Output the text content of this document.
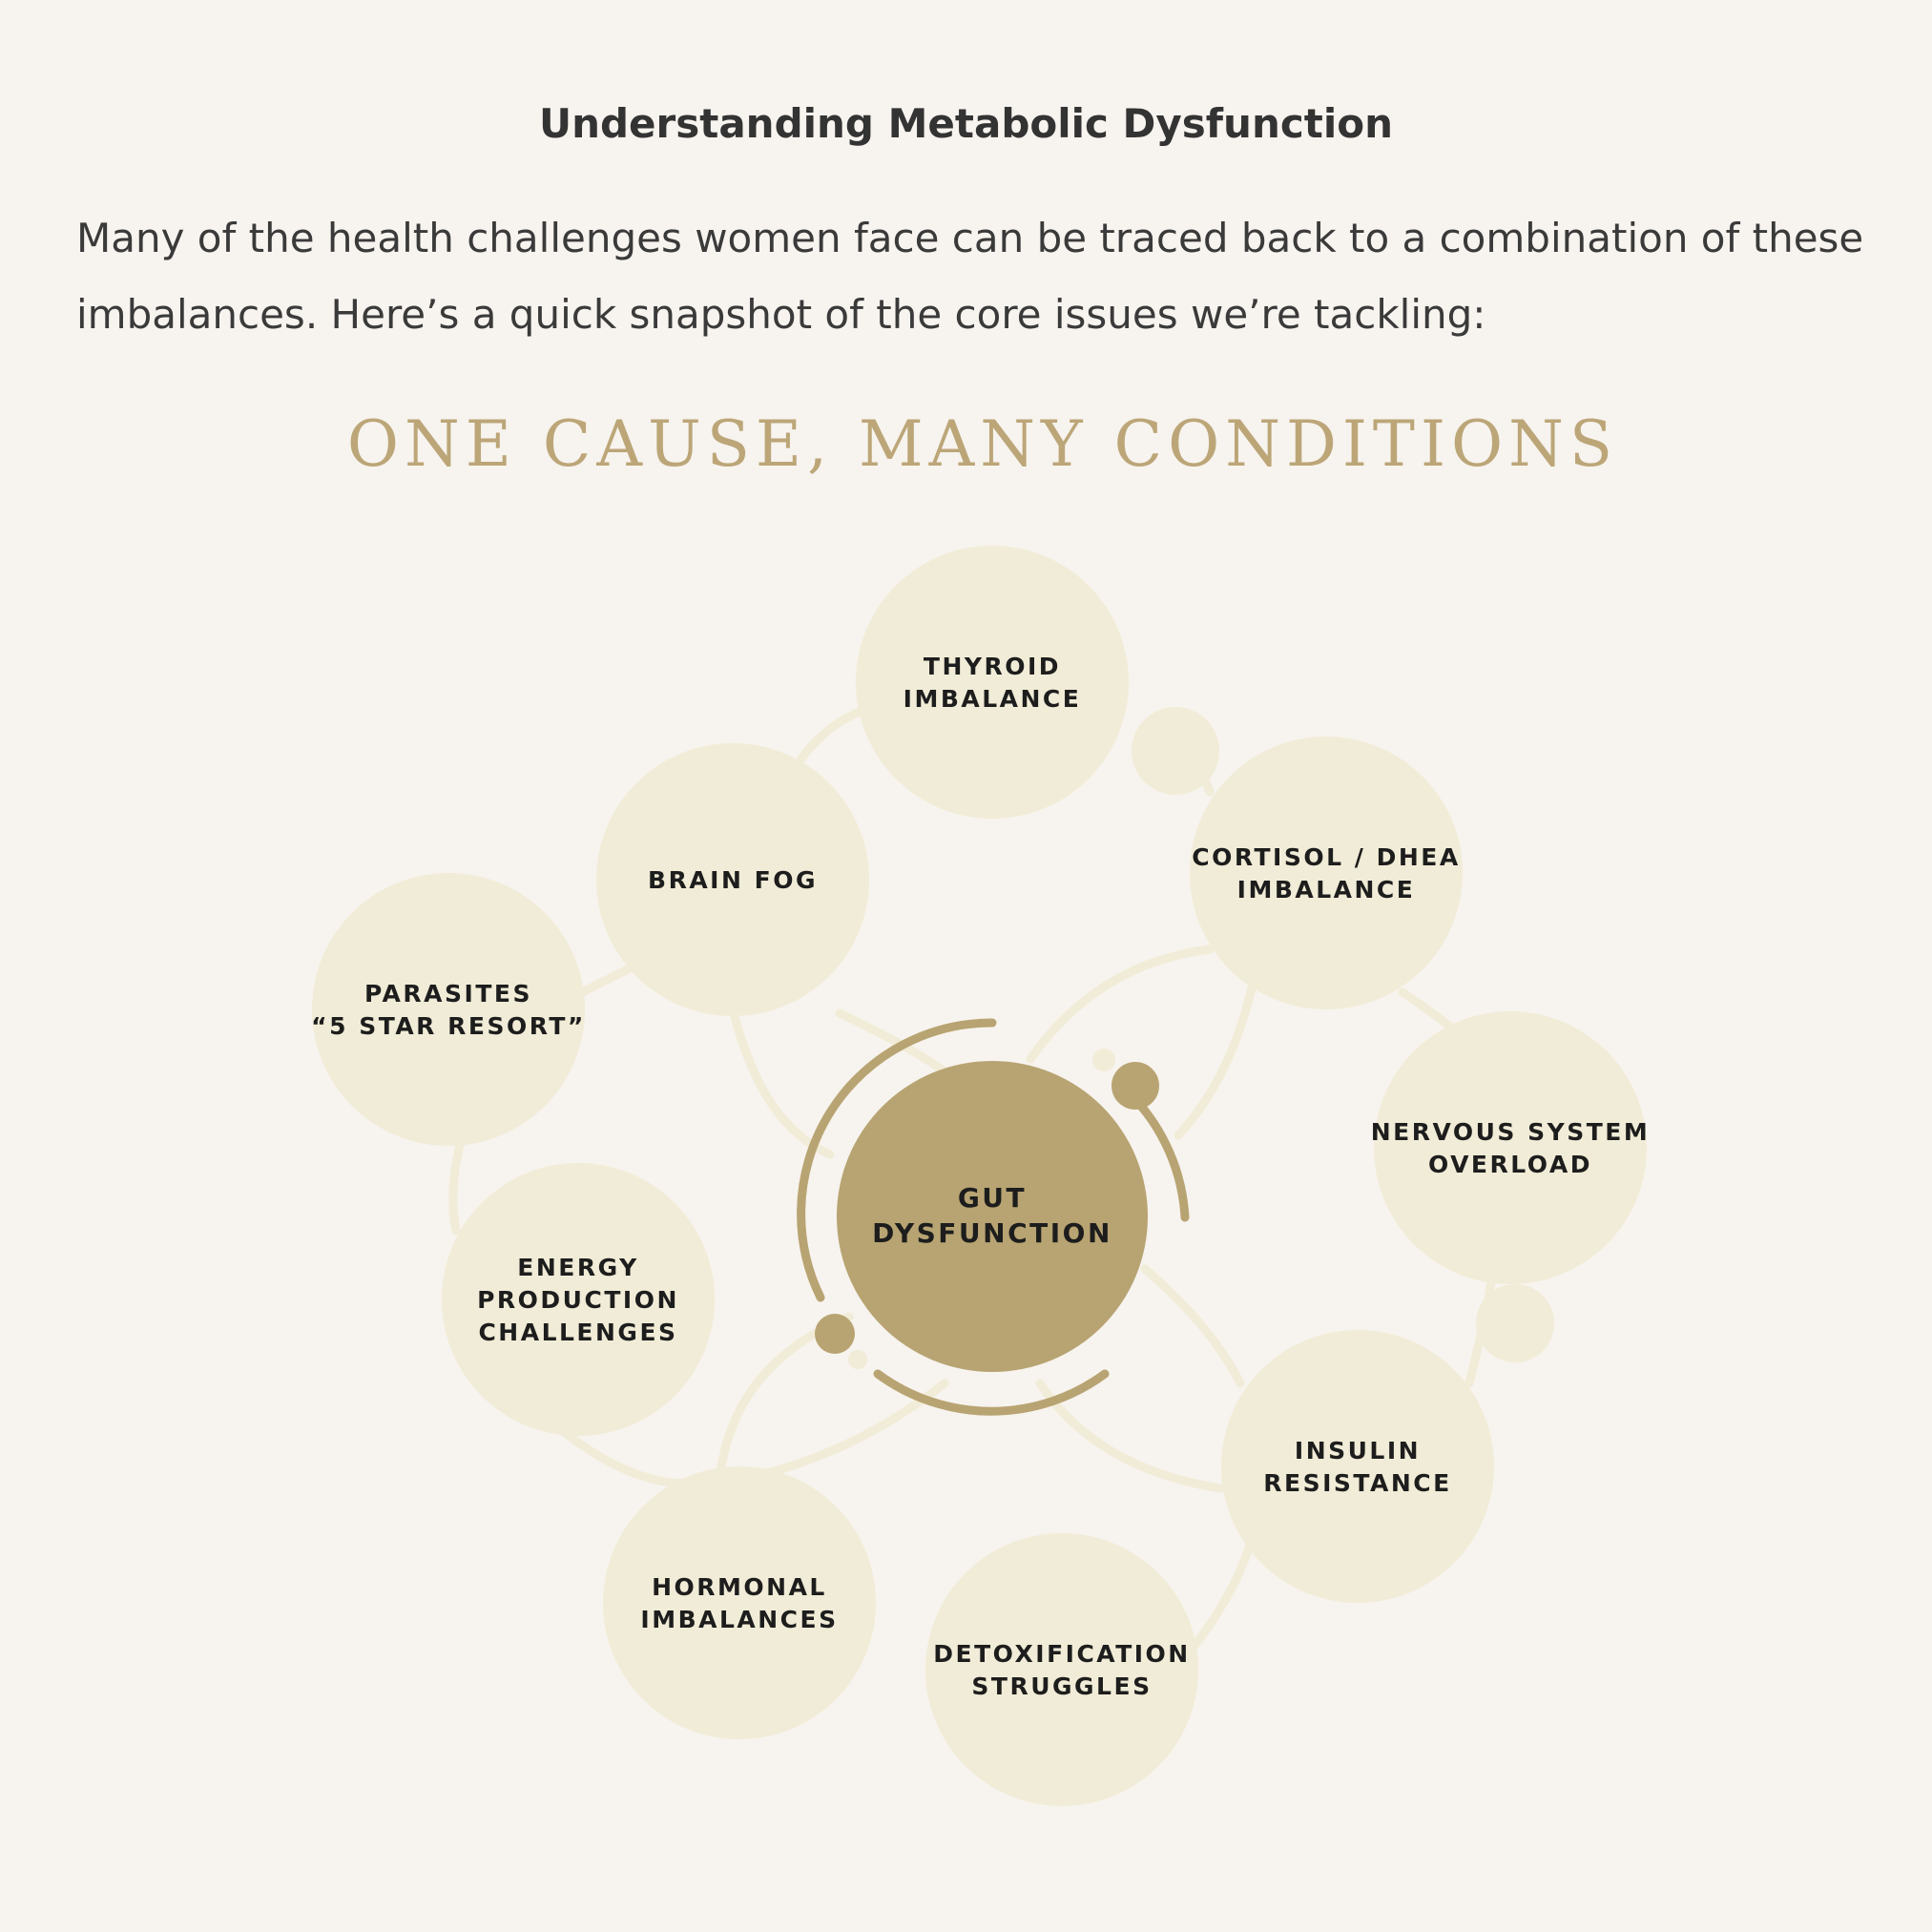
Understanding Metabolic Dysfunction

Many of the health challenges women face can be traced back to a combination of these imbalances. Here’s a quick snapshot of the core issues we’re tackling:

ONE CAUSE, MANY CONDITIONS
THYROID
IMBALANCE
CORTISOL / DHEA
IMBALANCE
NERVOUS SYSTEM
OVERLOAD
INSULIN
RESISTANCE
DETOXIFICATION
STRUGGLES
HORMONAL
IMBALANCES
ENERGY
PRODUCTION
CHALLENGES
PARASITES
“5 STAR RESORT”
BRAIN FOG
GUT
DYSFUNCTION
